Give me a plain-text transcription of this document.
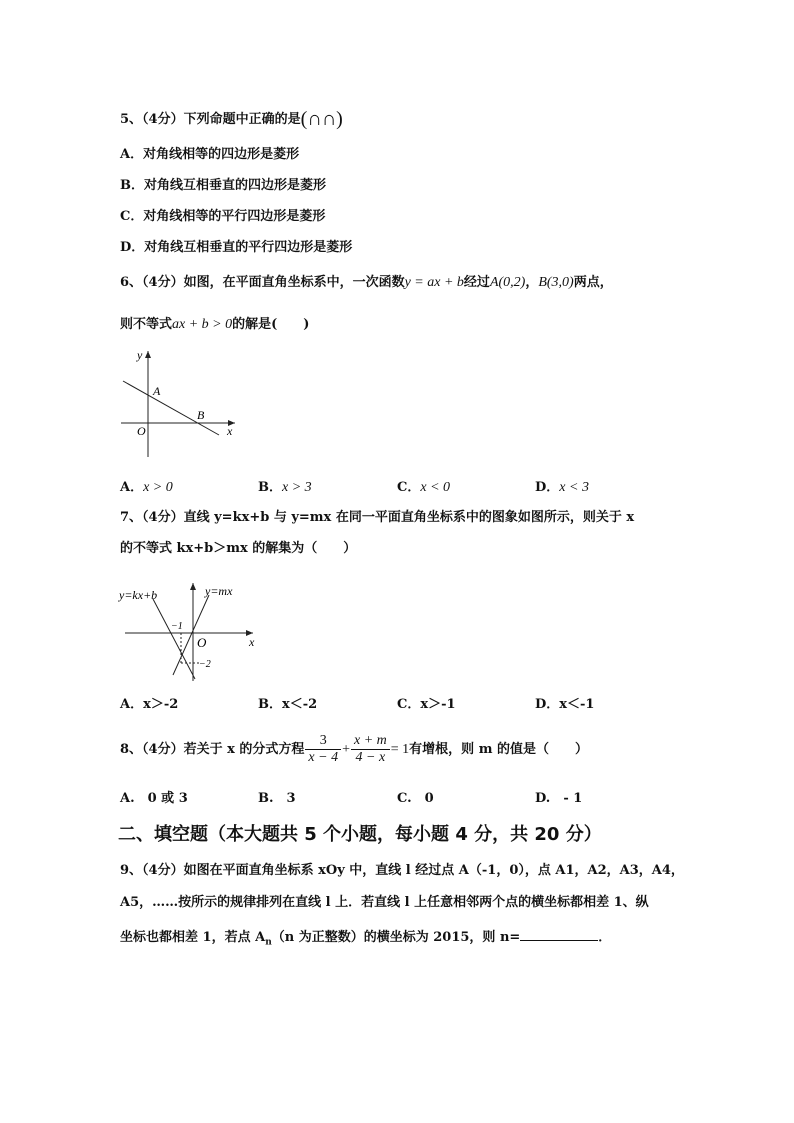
5、（4分）下列命题中正确的是(∩∩)
A．对角线相等的四边形是菱形
B．对角线互相垂直的四边形是菱形
C．对角线相等的平行四边形是菱形
D．对角线互相垂直的平行四边形是菱形
6、（4分）如图，在平面直角坐标系中，一次函数y = ax + b经过A(0,2)，B(3,0)两点，
则不等式ax + b > 0的解是(　　)
y
x
O
A
B
A．x > 0	B．x > 3	C．x < 0	D．x < 3
7、（4分）直线 y=kx+b 与 y=mx 在同一平面直角坐标系中的图象如图所示，则关于 x
的不等式 kx+b＞mx 的解集为（　　）
y=kx+b	y=mx
−1
−2
O	x
A．x＞-2	B．x＜-2	C．x＞-1	D．x＜-1
8、（4分）若关于 x 的分式方程 $\frac{3}{x - 4} + \frac{x + m}{4 - x} = 1$有增根，则 m 的值是（　　）
A.　0 或 3	B.　3	C.　0	D.　- 1
二、填空题（本大题共 5 个小题，每小题 4 分，共 20 分）
9、（4分）如图在平面直角坐标系 xOy 中，直线 l 经过点 A（-1，0），点 A1，A2，A3，A4，
A5，……按所示的规律排列在直线 l 上．若直线 l 上任意相邻两个点的横坐标都相差 1、纵
坐标也都相差 1，若点 $A_n(n$ 为正整数）的横坐标为 2015，则 n=	．
